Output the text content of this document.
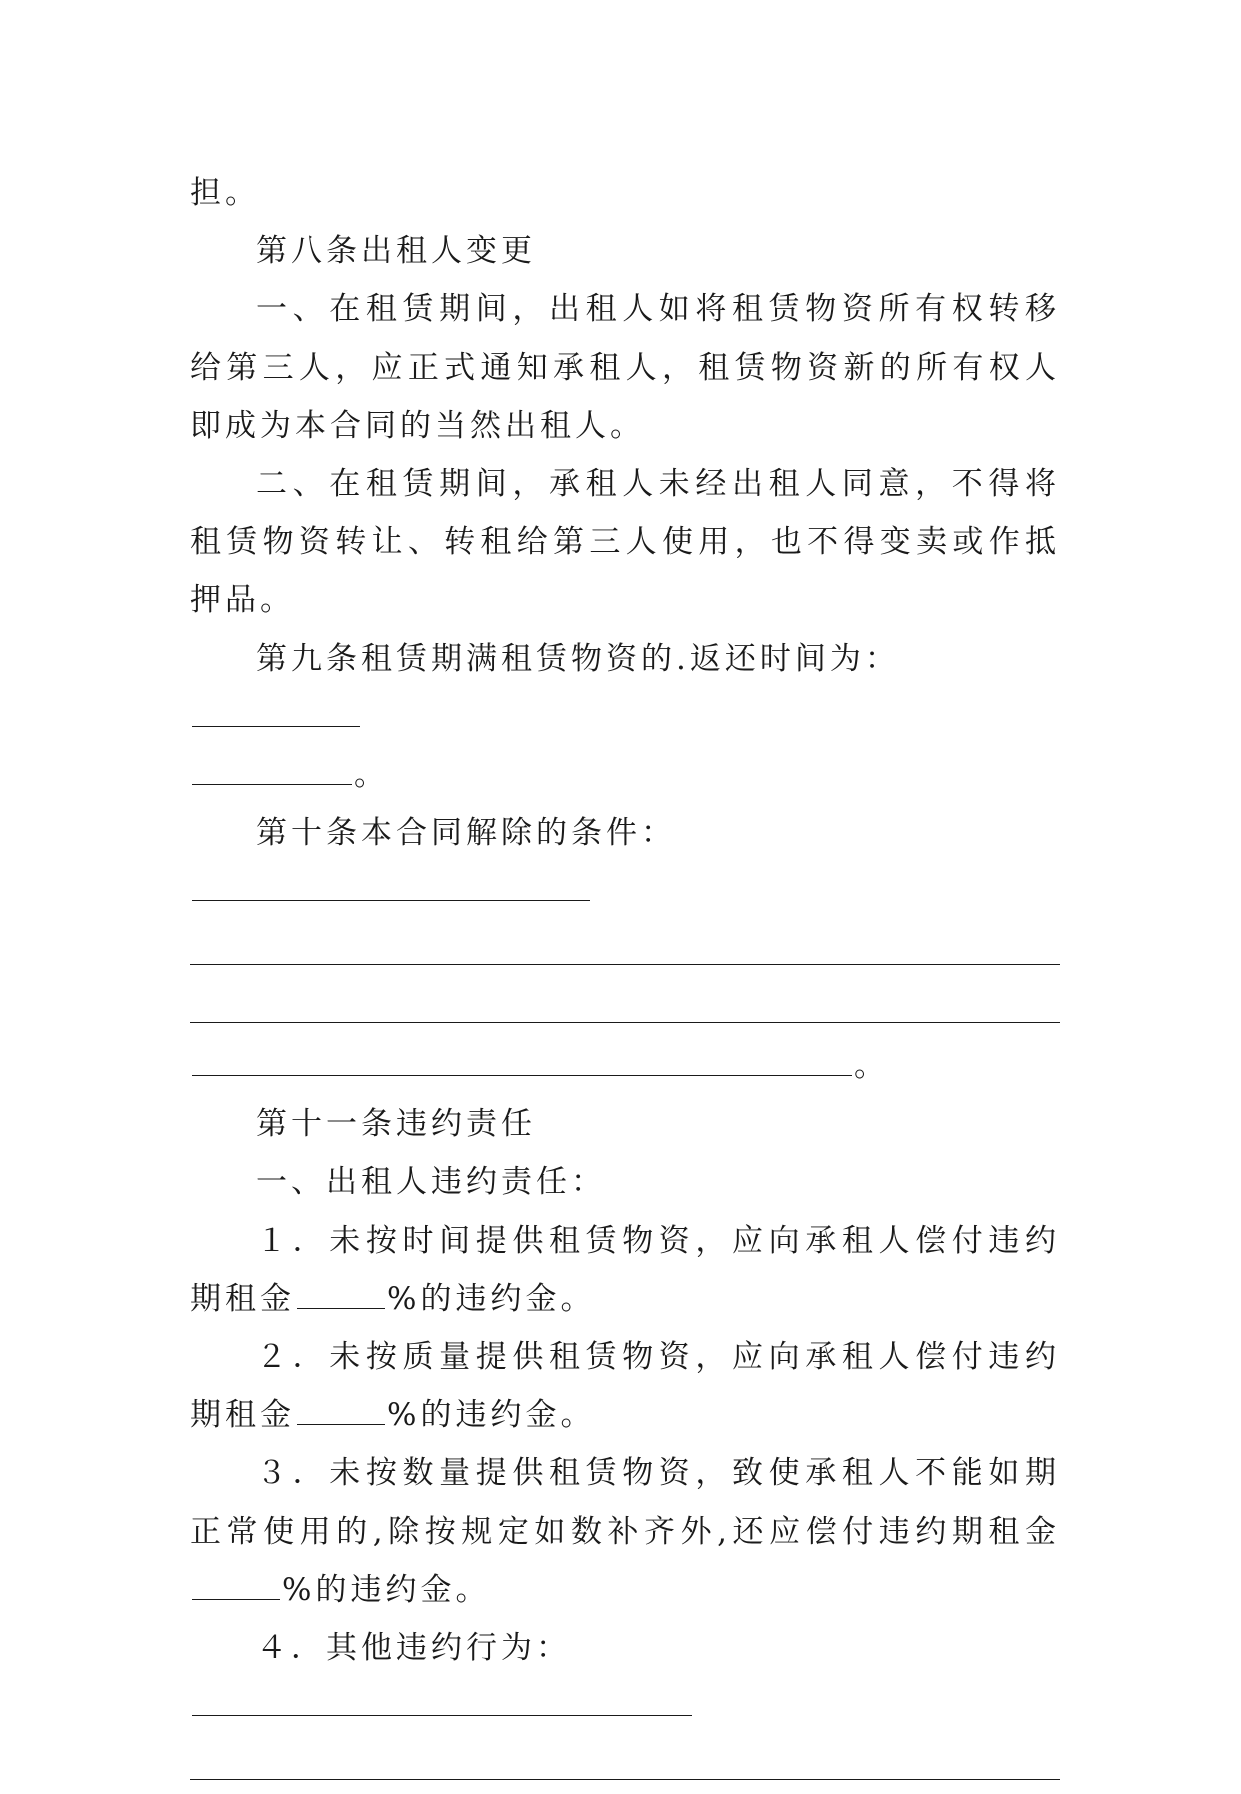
担。

第八条出租人变更

一、在租赁期间，出租人如将租赁物资所有权转移给第三人，应正式通知承租人，租赁物资新的所有权人即成为本合同的当然出租人。

二、在租赁期间，承租人未经出租人同意，不得将租赁物资转让、转租给第三人使用，也不得变卖或作抵押品。

第九条租赁期满租赁物资的.返还时间为：

。

第十条本合同解除的条件：

。

第十一条违约责任

一、出租人违约责任：

１．未按时间提供租赁物资，应向承租人偿付违约期租金	%的违约金。

２．未按质量提供租赁物资，应向承租人偿付违约期租金	%的违约金。

３．未按数量提供租赁物资，致使承租人不能如期正常使用的,除按规定如数补齐外,还应偿付违约期租金%的违约金。

４．其他违约行为：
